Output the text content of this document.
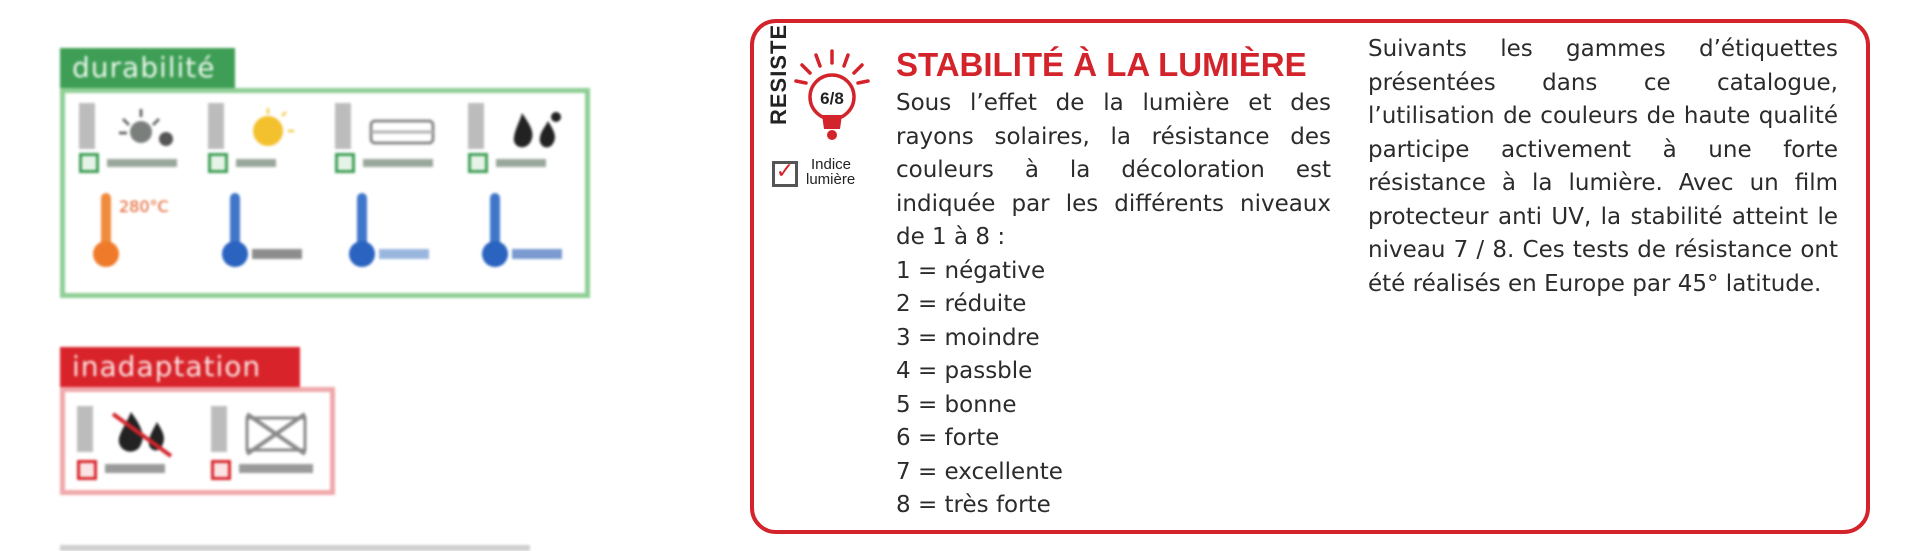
durabilité
280°C
inadaptation
RESISTE 6/8
✓	Indice
lumière
STABILITÉ À LA LUMIÈRE

Sous l’effet de la lumière et des rayons solaires, la résistance des couleurs à la décoloration est indiquée par les différents niveaux de 1 à 8 :

1 = négative
2 = réduite
3 = moindre
4 = passble
5 = bonne
6 = forte
7 = excellente
8 = très forte

Suivants les gammes d’étiquettes présentées dans ce catalogue, l’utilisation de couleurs de haute qualité participe activement à une forte résistance à la lumière. Avec un film protecteur anti UV, la stabilité atteint le niveau 7 / 8. Ces tests de résistance ont été réalisés en Europe par 45° latitude.
